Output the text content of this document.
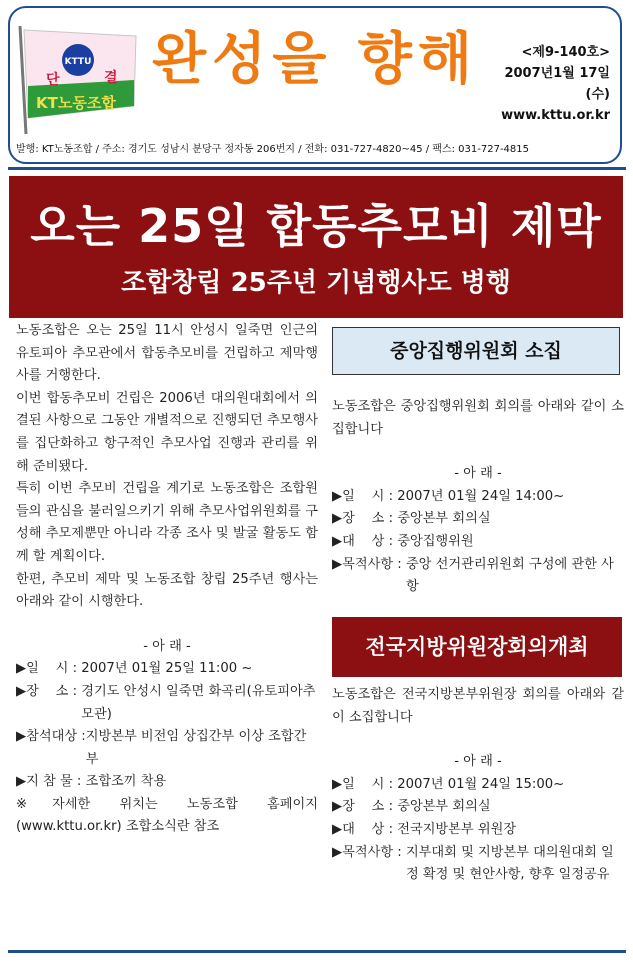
KTTU
단	결
KT노동조합
완성을 향해	<제9-140호>
2007년1월 17일(수)
www.kttu.or.kr
발행: KT노동조합 / 주소: 경기도 성남시 분당구 정자동 206번지 / 전화: 031-727-4820~45 / 팩스: 031-727-4815
오는 25일 합동추모비 제막
조합창립 25주년 기념행사도 병행

노동조합은 오는 25일 11시 안성시 일죽면 인근의 유토피아 추모관에서 합동추모비를 건립하고 제막행사를 거행한다.

이번 합동추모비 건립은 2006년 대의원대회에서 의결된 사항으로 그동안 개별적으로 진행되던 추모행사를 집단화하고 항구적인 추모사업 진행과 관리를 위해 준비됐다.

특히 이번 추모비 건립을 계기로 노동조합은 조합원들의 관심을 불러일으키기 위해 추모사업위원회를 구성해 추모제뿐만 아니라 각종 조사 및 발굴 활동도 함께 할 계획이다.

한편, 추모비 제막 및 노동조합 창립 25주년 행사는 아래와 같이 시행한다.

- 아 래 -

▶일    시 : 2007년 01월 25일 11:00 ~
▶장    소 : 경기도 안성시 일죽면 화곡리(유토피아추모관)
▶참석대상 : 지방본부 비전임 상집간부 이상 조합간부
▶지 참 물 : 조합조끼 착용

※자세한 위치는 노동조합 홈페이지(www.kttu.or.kr) 조합소식란 참조

중앙집행위원회 소집

노동조합은 중앙집행위원회 회의를 아래와 같이 소집합니다

- 아 래 -

▶일    시 : 2007년 01월 24일 14:00~
▶장    소 : 중앙본부 회의실
▶대    상 : 중앙집행위원
▶목적사항 : 중앙 선거관리위원회 구성에 관한 사항
전국지방위원장회의개최

노동조합은 전국지방본부위원장 회의를 아래와 같이 소집합니다

- 아 래 -

▶일    시 : 2007년 01월 24일 15:00~
▶장    소 : 중앙본부 회의실
▶대    상 : 전국지방본부 위원장
▶목적사항 : 지부대회 및 지방본부 대의원대회 일정 확정 및 현안사항, 향후 일정공유
